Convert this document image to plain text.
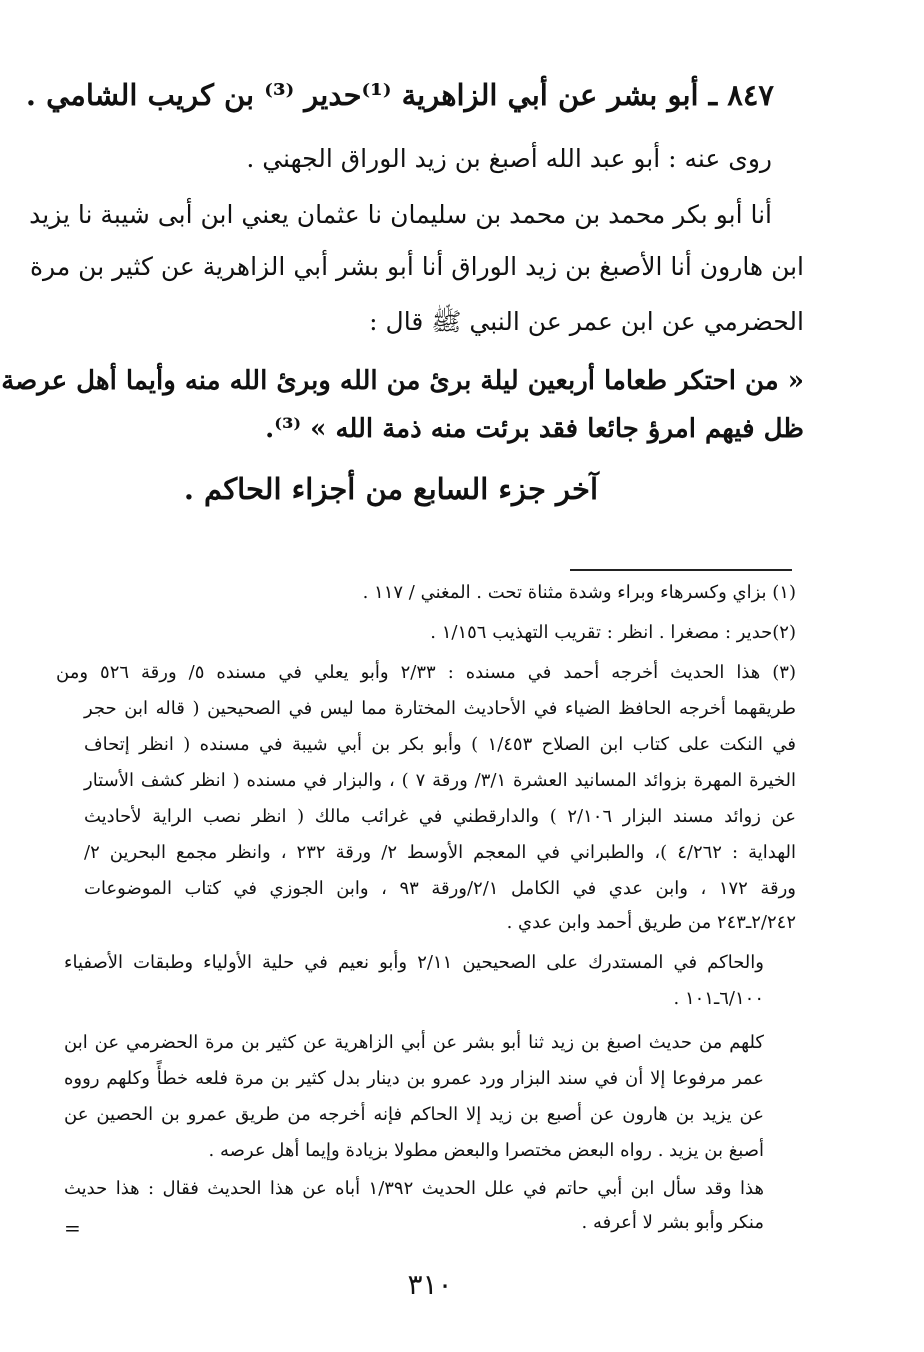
٨٤٧ ـ أبو بشر عن أبي الزاهرية ⁽¹⁾حدير ⁽³⁾ بن كريب الشامي .

روى عنه : أبو عبد الله أصبغ بن زيد الوراق الجهني .

أنا أبو بكر محمد بن محمد بن سليمان نا عثمان يعني ابن أبى شيبة نا يزيد

ابن هارون أنا الأصبغ بن زيد الوراق أنا أبو بشر أبي الزاهرية عن كثير بن مرة

الحضرمي عن ابن عمر عن النبي ﷺ قال :

« من احتكر طعاما أربعين ليلة برئ من الله وبرئ الله منه وأيما أهل عرصة

ظل فيهم امرؤ جائعا فقد برئت منه ذمة الله » ⁽³⁾.

آخر جزء السابع من أجزاء الحاكم .

(١) بزاي وكسرهاء وبراء وشدة مثناة تحت . المغني / ١١٧ .

(٢)حدير : مصغرا . انظر : تقريب التهذيب ١/١٥٦ .

(٣) هذا الحديث أخرجه أحمد في مسنده : ٢/٣٣ وأبو يعلي في مسنده ٥/ ورقة ٥٢٦ ومن

طريقهما أخرجه الحافظ الضياء في الأحاديث المختارة مما ليس في الصحيحين ( قاله ابن حجر

في النكت على كتاب ابن الصلاح ١/٤٥٣ ) وأبو بكر بن أبي شيبة في مسنده ( انظر إتحاف

الخيرة المهرة بزوائد المسانيد العشرة ٣/١/ ورقة ٧ ) ، والبزار في مسنده ( انظر كشف الأستار

عن زوائد مسند البزار ٢/١٠٦ ) والدارقطني في غرائب مالك ( انظر نصب الراية لأحاديث

الهداية : ٤/٢٦٢ )، والطبراني في المعجم الأوسط ٢/ ورقة ٢٣٢ ، وانظر مجمع البحرين ٢/

ورقة ١٧٢ ، وابن عدي في الكامل ٢/١/ورقة ٩٣ ، وابن الجوزي في كتاب الموضوعات

٢/٢٤٢ـ٢٤٣ من طريق أحمد وابن عدي .

والحاكم في المستدرك على الصحيحين ٢/١١ وأبو نعيم في حلية الأولياء وطبقات الأصفياء

٦/١٠٠ـ١٠١ .

كلهم من حديث اصبغ بن زيد ثنا أبو بشر عن أبي الزاهرية عن كثير بن مرة الحضرمي عن ابن

عمر مرفوعا إلا أن في سند البزار ورد عمرو بن دينار بدل كثير بن مرة فلعه خطأً وكلهم رووه

عن يزيد بن هارون عن أصبع بن زيد إلا الحاكم فإنه أخرجه من طريق عمرو بن الحصين عن

أصبغ بن يزيد . رواه البعض مختصرا والبعض مطولا بزيادة وإيما أهل عرصه .

هذا وقد سأل ابن أبي حاتم في علل الحديث ١/٣٩٢ أباه عن هذا الحديث فقال : هذا حديث

منكر وأبو بشر لا أعرفه .

=
٣١٠
